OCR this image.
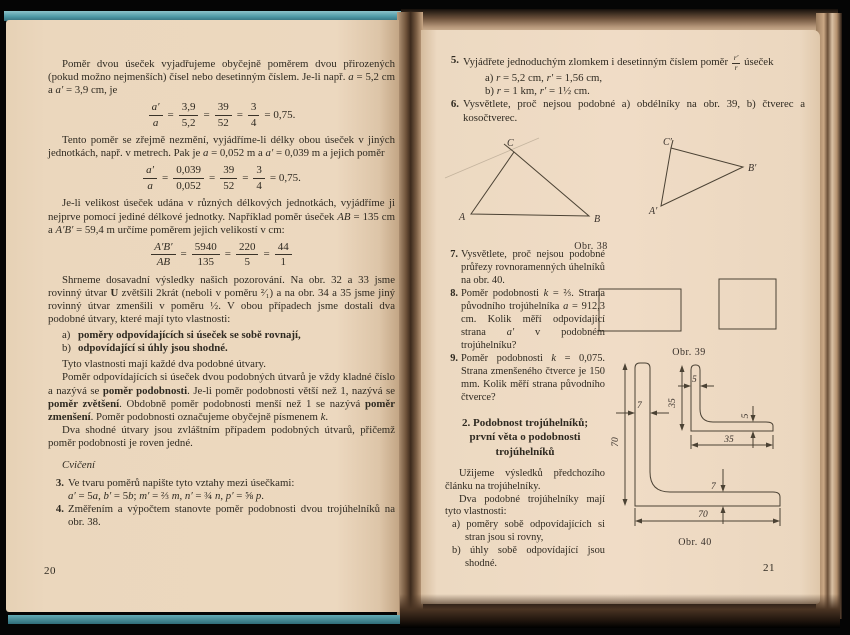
Poměr dvou úseček vyjadřujeme obyčejně poměrem dvou přirozených (pokud možno nejmenších) čísel nebo desetinným číslem. Je-li např. a = 5,2 cm a a′ = 3,9 cm, je

$\frac{a'}{a} = \frac{3,9}{5,2} = \frac{39}{52} = \frac{3}{4} = 0,75$.

Tento poměr se zřejmě nezmění, vyjádříme-li délky obou úseček v jiných jednotkách, např. v metrech. Pak je a = 0,052 m a a′ = 0,039 m a jejich poměr

$\frac{a'}{a} = \frac{0,039}{0,052} = \frac{39}{52} = \frac{3}{4} = 0,75$.

Je-li velikost úseček udána v různých délkových jednotkách, vyjádříme ji nejprve pomocí jediné délkové jednotky. Například poměr úseček AB = 135 cm a A′B′ = 59,4 m určíme poměrem jejich velikostí v cm:

$\frac{A'B'}{AB} = \frac{5940}{135} = \frac{220}{5} = \frac{44}{1}$

Shrneme dosavadní výsledky našich pozorování. Na obr. 32 a 33 jsme rovinný útvar U zvětšili 2krát (neboli v poměru ²⁄₁) a na obr. 34 a 35 jsme jiný rovinný útvar zmenšili v poměru ½. V obou případech jsme dostali dva podobné útvary, které mají tyto vlastnosti:

a) poměry odpovídajících si úseček se sobě rovnají,
b) odpovídající si úhly jsou shodné.

Tyto vlastnosti mají každé dva podobné útvary.

Poměr odpovídajících si úseček dvou podobných útvarů je vždy kladné číslo a nazývá se poměr podobnosti. Je-li poměr podobnosti větší než 1, nazývá se poměr zvětšení. Obdobně poměr podobnosti menší než 1 se nazývá poměr zmenšení. Poměr podobnosti označujeme obyčejně písmenem k.

Dva shodné útvary jsou zvláštním případem podobných útvarů, přičemž poměr podobnosti je roven jedné.

Cvičení
3. Ve tvaru poměrů napište tyto vztahy mezi úsečkami:
a′ = 5a, b′ = 5b; m′ = ⅔ m, n′ = ¾ n, p′ = ⅝ p.
4. Změřením a výpočtem stanovte poměr podobnosti dvou trojúhelníků na obr. 38.
20
5. Vyjádřete jednoduchým zlomkem i desetinným číslem poměr $\frac{r'}{r}$ úseček
a) r = 5,2 cm, r′ = 1,56 cm,
b) r = 1 km, r′ = 1½ cm.
6. Vysvětlete, proč nejsou podobné a) obdélníky na obr. 39, b) čtverec a kosočtverec.
A	B
C
A′
B′
C′
Obr. 38
Obr. 39
7. Vysvětlete, proč nejsou podobné průřezy rovnoramenných úhelníků na obr. 40.
8. Poměr podobnosti k = ⅔. Strana původního trojúhelníka a = 912,3 cm. Kolik měří odpovídající strana a′ v podobném trojúhelníku?
9. Poměr podobnosti k = 0,075. Strana zmenšeného čtverce je 150 mm. Kolik měří strana původního čtverce?
2. Podobnost trojúhelníků; první věta o podobnosti trojúhelníků

Užijeme výsledků předchozího článku na trojúhelníky.

Dva podobné trojúhelníky mají tyto vlastnosti:

a) poměry sobě odpovídajících si stran jsou si rovny,

b) úhly sobě odpovídající jsou shodné.

70
7
70
7
5
35
5
35
Obr. 40
21
